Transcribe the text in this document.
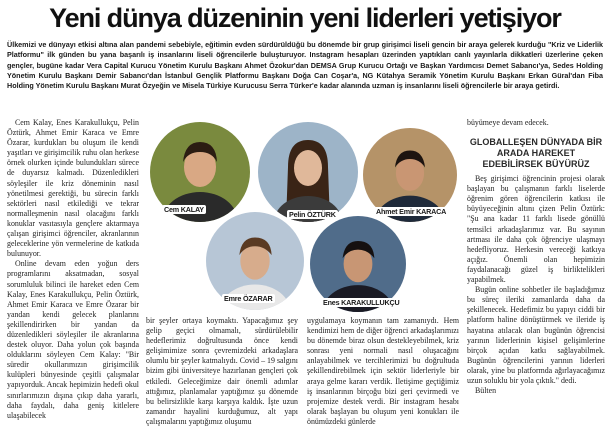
Yeni dünya düzeninin yeni liderleri yetişiyor
Ülkemizi ve dünyayı etkisi altına alan pandemi sebebiyle, eğitimin evden sürdürüldüğü bu dönemde bir grup girişimci liseli gencin bir araya gelerek kurduğu "Kriz ve Liderlik Platformu" ilk günden bu yana başarılı iş insanlarını liseli öğrencilerle buluşturuyor. Instagram hesapları üzerinden yaptıkları canlı yayınlarla dikkatleri üzerlerine çeken gençler, bugüne kadar Vera Capital Kurucu Yönetim Kurulu Başkanı Ahmet Özokur'dan DEMSA Grup Kurucu Ortağı ve Başkan Yardımcısı Demet Sabancı'ya, Sedes Holding Yönetim Kurulu Başkanı Demir Sabancı'dan İstanbul Gençlik Platformu Başkanı Doğa Can Coşar'a, NG Kütahya Seramik Yönetim Kurulu Başkanı Erkan Güral'dan Fiba Holding Yönetim Kurulu Başkanı Murat Özyeğin ve Misela Türkiye Kurucusu Serra Türker'e kadar alanında uzman iş insanlarını liseli öğrencilerle bir araya getirdi.

Cem Kalay, Enes Karakullukçu, Pelin Öztürk, Ahmet Emir Karaca ve Emre Özarar, kurdukları bu oluşum ile kendi yaşıtları ve girişimcilik ruhu olan herkese örnek olurken içinde bulundukları sürece de duyarsız kalmadı. Düzenledikleri söyleşiler ile kriz döneminin nasıl yönetilmesi gerektiği, bu sürecin farklı sektörleri nasıl etkilediği ve tekrar normalleşmenin nasıl olacağını farklı konuklar vasıtasıyla gençlere aktarmaya çalışan girişimci öğrenciler, akranlarının geleceklerine yön vermelerine de katkıda bulunuyor.

Online devam eden yoğun ders programlarını aksatmadan, sosyal sorumluluk bilinci ile hareket eden Cem Kalay, Enes Karakullukçu, Pelin Öztürk, Ahmet Emir Karaca ve Emre Özarar bir yandan kendi gelecek planlarını şekillendirirken bir yandan da düzenledikleri söyleşiler ile akranlarına destek oluyor. Daha yolun çok başında olduklarını söyleyen Cem Kalay: "Bir süredir okullarımızın girişimcilik kulüpleri bünyesinde çeşitli çalışmalar yapıyorduk. Ancak hepimizin hedefi okul sınırlarımızın dışına çıkıp daha yararlı, daha faydalı, daha geniş kitlelere ulaşabilecek

Cem KALAY
Pelin ÖZTÜRK	Ahmet Emir KARACA
Emre ÖZARAR	Enes KARAKULLUKÇU

bir şeyler ortaya koymaktı. Yapacağımız şey gelip geçici olmamalı, sürdürülebilir hedeflerimiz doğrultusunda önce kendi gelişimimize sonra çevremizdeki arkadaşlara olumlu bir şeyler katmalıydı. Covid – 19 salgını bizim gibi üniversiteye hazırlanan gençleri çok etkiledi. Geleceğimize dair önemli adımlar attığımız, planlamalar yaptığımız şu dönemde bu belirsizlikle karşı karşıya kaldık. İşte uzun zamandır hayalini kurduğumuz, alt yapı çalışmalarını yaptığımız oluşumu

uygulamaya koymanın tam zamanıydı. Hem kendimizi hem de diğer öğrenci arkadaşlarımızı bu dönemde biraz olsun destekleyebilmek, kriz sonrası yeni normali nasıl oluşacağını anlayabilmek ve tercihlerimizi bu doğrultuda şekillendirebilmek için sektör liderleriyle bir araya gelme kararı verdik. İletişime geçtiğimiz iş insanlarının birçoğu bizi geri çevirmedi ve projemize destek verdi. Bir instagram hesabı olarak başlayan bu oluşum yeni konukları ile önümüzdeki günlerde

büyümeye devam edecek.

GLOBALLEŞEN DÜNYADA BİR ARADA HAREKET EDEBİLİRSEK BÜYÜRÜZ

Beş girişimci öğrencinin projesi olarak başlayan bu çalışmanın farklı liselerde öğrenim gören öğrencilerin katkısı ile büyüyeceğinin altını çizen Pelin Öztürk: "Şu ana kadar 11 farklı lisede gönüllü temsilci arkadaşlarımız var. Bu sayının artması ile daha çok öğrenciye ulaşmayı hedefliyoruz. Herkesin vereceği katkıya açığız. Önemli olan hepimizin faydalanacağı güzel iş birliktelikleri yapabilmek.

Bugün online sohbetler ile başladığımız bu süreç ileriki zamanlarda daha da şekillenecek. Hedefimiz bu yapıyı ciddi bir platform haline dönüştürmek ve ileride iş hayatına atılacak olan bugünün öğrencisi yarının liderlerinin kişisel gelişimlerine birçok açıdan katkı sağlayabilmek. Bugünün öğrencilerini yarının liderleri olarak, yine bu platformda ağırlayacağımız uzun soluklu bir yola çıktık." dedi.

Bülten
